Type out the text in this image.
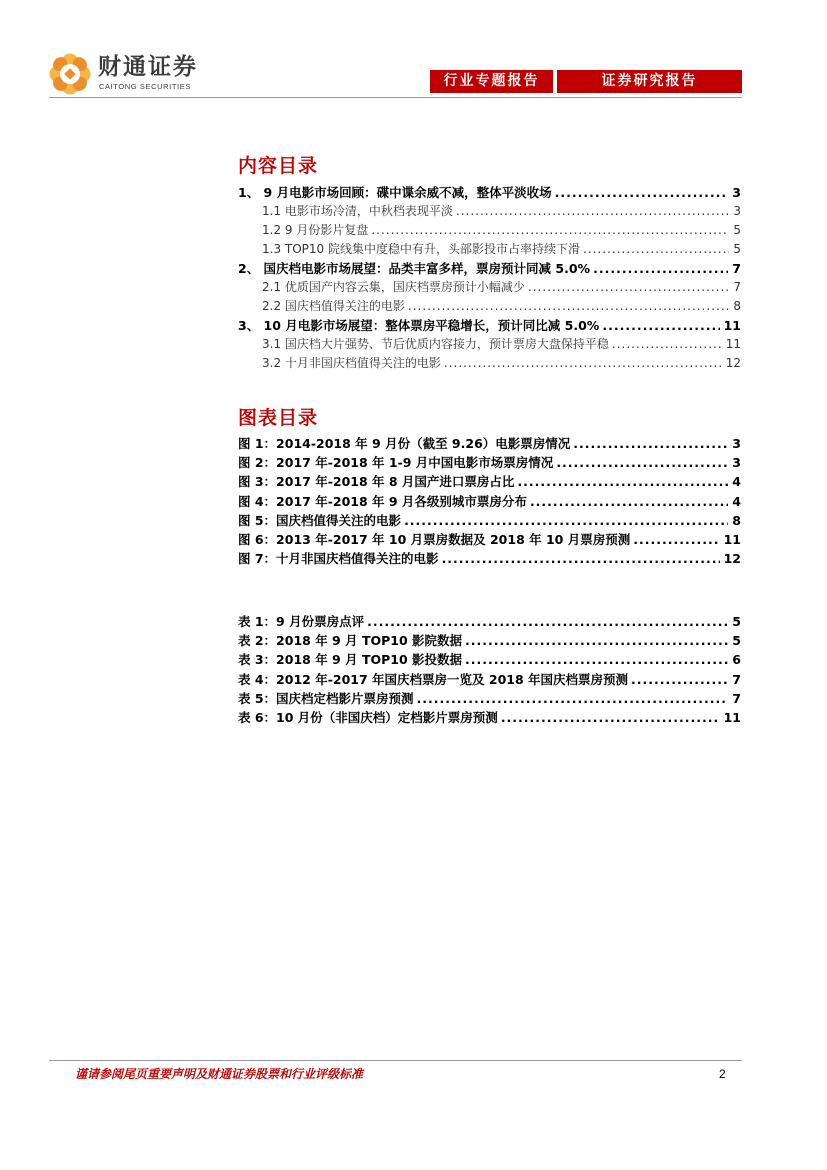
财通证券
CAITONG SECURITIES	行业专题报告	证券研究报告
内容目录
1、 9 月电影市场回顾：碟中谍余威不减，整体平淡收场 .....	3
1.1 电影市场冷清，中秋档表现平淡 .....	3
1.2 9 月份影片复盘 .....	5
1.3 TOP10 院线集中度稳中有升，头部影投市占率持续下滑 .....	5
2、 国庆档电影市场展望：品类丰富多样，票房预计同减 5.0% .....	7
2.1 优质国产内容云集，国庆档票房预计小幅减少 .....	7
2.2 国庆档值得关注的电影 .....	8
3、 10 月电影市场展望：整体票房平稳增长，预计同比减 5.0% .....	11
3.1 国庆档大片强势、节后优质内容接力，预计票房大盘保持平稳 .....	11
3.2 十月非国庆档值得关注的电影 .....	12
图表目录
图 1：2014-2018 年 9 月份（截至 9.26）电影票房情况 .....	3
图 2：2017 年-2018 年 1-9 月中国电影市场票房情况 .....	3
图 3：2017 年-2018 年 8 月国产进口票房占比 .....	4
图 4：2017 年-2018 年 9 月各级别城市票房分布 .....	4
图 5：国庆档值得关注的电影 .....	8
图 6：2013 年-2017 年 10 月票房数据及 2018 年 10 月票房预测 .....	11
图 7：十月非国庆档值得关注的电影 .....	12
表 1：9 月份票房点评 .....	5
表 2：2018 年 9 月 TOP10 影院数据 .....	5
表 3：2018 年 9 月 TOP10 影投数据 .....	6
表 4：2012 年-2017 年国庆档票房一览及 2018 年国庆档票房预测 .....	7
表 5：国庆档定档影片票房预测 .....	7
表 6：10 月份（非国庆档）定档影片票房预测 .....	11
谨请参阅尾页重要声明及财通证券股票和行业评级标准	2
